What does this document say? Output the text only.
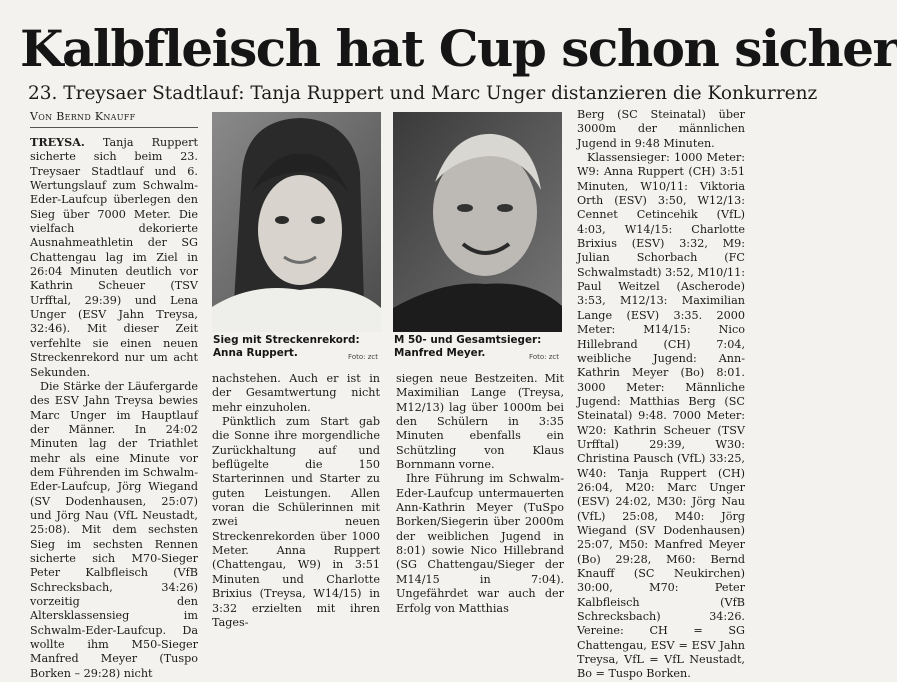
Kalbfleisch hat Cup schon sicher
23. Treysaer Stadtlauf: Tanja Ruppert und Marc Unger distanzieren die Konkurrenz
Von Bernd Knauff

TREYSA. Tanja Ruppert sicherte sich beim 23. Treysaer Stadtlauf und 6. Wertungslauf zum Schwalm-Eder-Laufcup überlegen den Sieg über 7000 Meter. Die vielfach dekorierte Ausnahmeathletin der SG Chattengau lag im Ziel in 26:04 Minuten deutlich vor Kathrin Scheuer (TSV Urfftal, 29:39) und Lena Unger (ESV Jahn Treysa, 32:46). Mit dieser Zeit verfehlte sie einen neuen Streckenrekord nur um acht Sekunden.

Die Stärke der Läufergarde des ESV Jahn Treysa bewies Marc Unger im Hauptlauf der Männer. In 24:02 Minuten lag der Triathlet mehr als eine Minute vor dem Führenden im Schwalm-Eder-Laufcup, Jörg Wiegand (SV Dodenhausen, 25:07) und Jörg Nau (VfL Neustadt, 25:08). Mit dem sechsten Sieg im sechsten Rennen sicherte sich M70-Sieger Peter Kalbfleisch (VfB Schrecksbach, 34:26) vorzeitig den Altersklassensieg im Schwalm-Eder-Laufcup. Da wollte ihm M50-Sieger Manfred Meyer (Tuspo Borken – 29:28) nicht

Sieg mit Streckenrekord: Anna Ruppert.	Foto: zct
M 50- und Gesamtsieger: Manfred Meyer.	Foto: zct

nachstehen. Auch er ist in der Gesamtwertung nicht mehr einzuholen.

Pünktlich zum Start gab die Sonne ihre morgendliche Zurückhaltung auf und beflügelte die 150 Starterinnen und Starter zu guten Leistungen. Allen voran die Schülerinnen mit zwei neuen Streckenrekorden über 1000 Meter. Anna Ruppert (Chattengau, W9) in 3:51 Minuten und Charlotte Brixius (Treysa, W14/15) in 3:32 erzielten mit ihren Tages-

siegen neue Bestzeiten. Mit Maximilian Lange (Treysa, M12/13) lag über 1000m bei den Schülern in 3:35 Minuten ebenfalls ein Schützling von Klaus Bornmann vorne.

Ihre Führung im Schwalm-Eder-Laufcup untermauerten Ann-Kathrin Meyer (TuSpo Borken/Siegerin über 2000m der weiblichen Jugend in 8:01) sowie Nico Hillebrand (SG Chattengau/Sieger der M14/15 in 7:04). Ungefährdet war auch der Erfolg von Matthias

Berg (SC Steinatal) über 3000m der männlichen Jugend in 9:48 Minuten.

Klassensieger: 1000 Meter: W9: Anna Ruppert (CH) 3:51 Minuten, W10/11: Viktoria Orth (ESV) 3:50, W12/13: Cennet Cetincehik (VfL) 4:03, W14/15: Charlotte Brixius (ESV) 3:32, M9: Julian Schorbach (FC Schwalmstadt) 3:52, M10/11: Paul Weitzel (Ascherode) 3:53, M12/13: Maximilian Lange (ESV) 3:35. 2000 Meter: M14/15: Nico Hillebrand (CH) 7:04, weibliche Jugend: Ann-Kathrin Meyer (Bo) 8:01. 3000 Meter: Männliche Jugend: Matthias Berg (SC Steinatal) 9:48. 7000 Meter: W20: Kathrin Scheuer (TSV Urfftal) 29:39, W30: Christina Pausch (VfL) 33:25, W40: Tanja Ruppert (CH) 26:04, M20: Marc Unger (ESV) 24:02, M30: Jörg Nau (VfL) 25:08, M40: Jörg Wiegand (SV Dodenhausen) 25:07, M50: Manfred Meyer (Bo) 29:28, M60: Bernd Knauff (SC Neukirchen) 30:00, M70: Peter Kalbfleisch (VfB Schrecksbach) 34:26. Vereine: CH = SG Chattengau, ESV = ESV Jahn Treysa, VfL = VfL Neustadt, Bo = Tuspo Borken.
